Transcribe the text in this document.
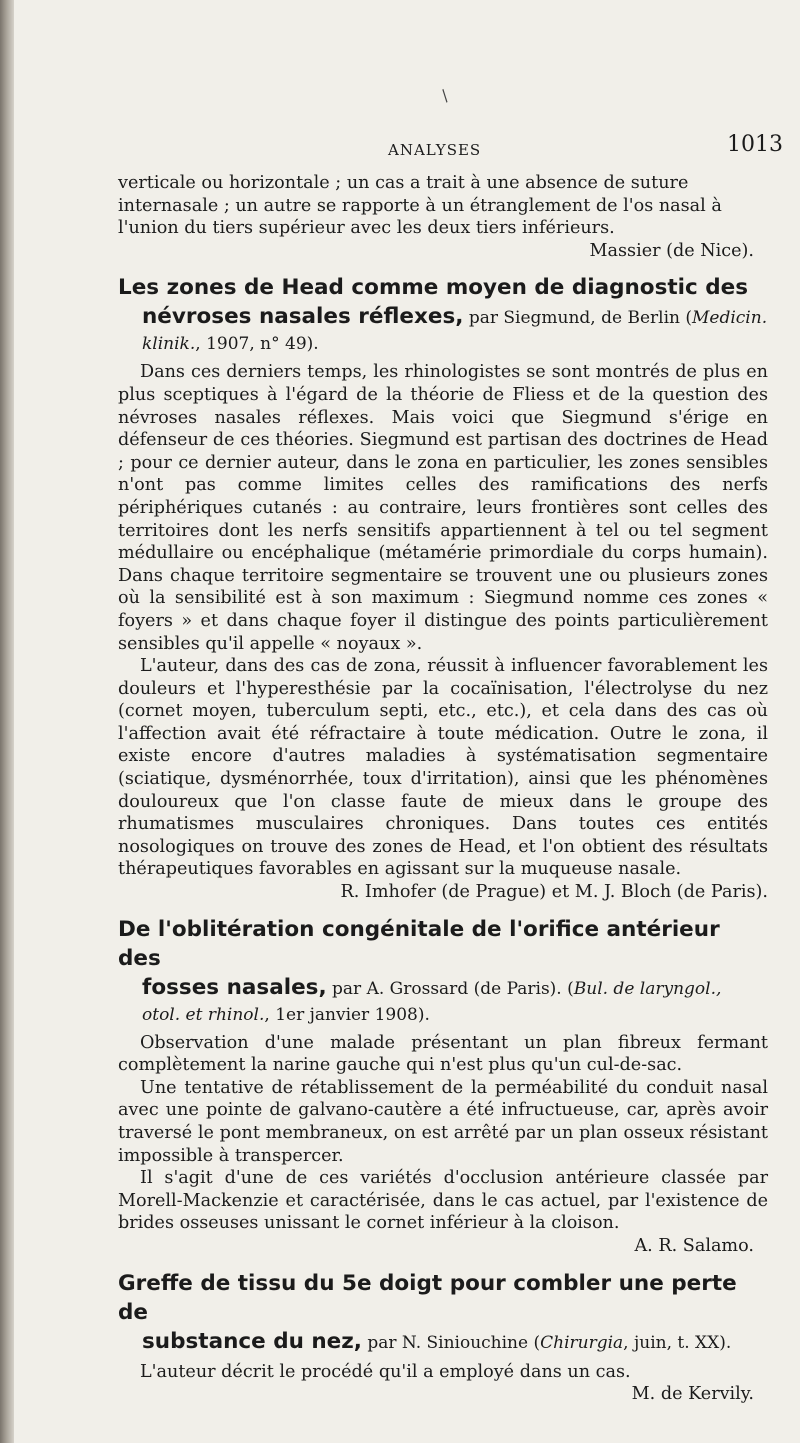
/
ANALYSES	1013
verticale ou horizontale ; un cas a trait à une absence de suture
internasale ; un autre se rapporte à un étranglement de l'os nasal à
l'union du tiers supérieur avec les deux tiers inférieurs.

Massier (de Nice).

Les zones de Head comme moyen de diagnostic des
névroses nasales réflexes, par Siegmund, de Berlin (Medicin.
klinik., 1907, n° 49).

Dans ces derniers temps, les rhinologistes se sont montrés de plus en plus sceptiques à l'égard de la théorie de Fliess et de la question des névroses nasales réflexes. Mais voici que Siegmund s'érige en défenseur de ces théories. Siegmund est partisan des doctrines de Head ; pour ce dernier auteur, dans le zona en particulier, les zones sensibles n'ont pas comme limites celles des ramifications des nerfs périphériques cutanés : au contraire, leurs frontières sont celles des territoires dont les nerfs sensitifs appartiennent à tel ou tel segment médullaire ou encéphalique (métamérie primordiale du corps humain). Dans chaque territoire segmentaire se trouvent une ou plusieurs zones où la sensibilité est à son maximum : Siegmund nomme ces zones « foyers » et dans chaque foyer il distingue des points particulièrement sensibles qu'il appelle « noyaux ».

L'auteur, dans des cas de zona, réussit à influencer favorablement les douleurs et l'hyperesthésie par la cocaïnisation, l'électrolyse du nez (cornet moyen, tuberculum septi, etc., etc.), et cela dans des cas où l'affection avait été réfractaire à toute médication. Outre le zona, il existe encore d'autres maladies à systématisation segmentaire (sciatique, dysménorrhée, toux d'irritation), ainsi que les phénomènes douloureux que l'on classe faute de mieux dans le groupe des rhumatismes musculaires chroniques. Dans toutes ces entités nosologiques on trouve des zones de Head, et l'on obtient des résultats thérapeutiques favorables en agissant sur la muqueuse nasale.

R. Imhofer (de Prague) et M. J. Bloch (de Paris).

De l'oblitération congénitale de l'orifice antérieur des
fosses nasales, par A. Grossard (de Paris). (Bul. de laryngol.,
otol. et rhinol., 1er janvier 1908).

Observation d'une malade présentant un plan fibreux fermant complètement la narine gauche qui n'est plus qu'un cul-de-sac.

Une tentative de rétablissement de la perméabilité du conduit nasal avec une pointe de galvano-cautère a été infructueuse, car, après avoir traversé le pont membraneux, on est arrêté par un plan osseux résistant impossible à transpercer.

Il s'agit d'une de ces variétés d'occlusion antérieure classée par Morell-Mackenzie et caractérisée, dans le cas actuel, par l'existence de brides osseuses unissant le cornet inférieur à la cloison.

A. R. Salamo.

Greffe de tissu du 5e doigt pour combler une perte de
substance du nez, par N. Siniouchine (Chirurgia, juin, t. XX).

L'auteur décrit le procédé qu'il a employé dans un cas.

M. de Kervily.
